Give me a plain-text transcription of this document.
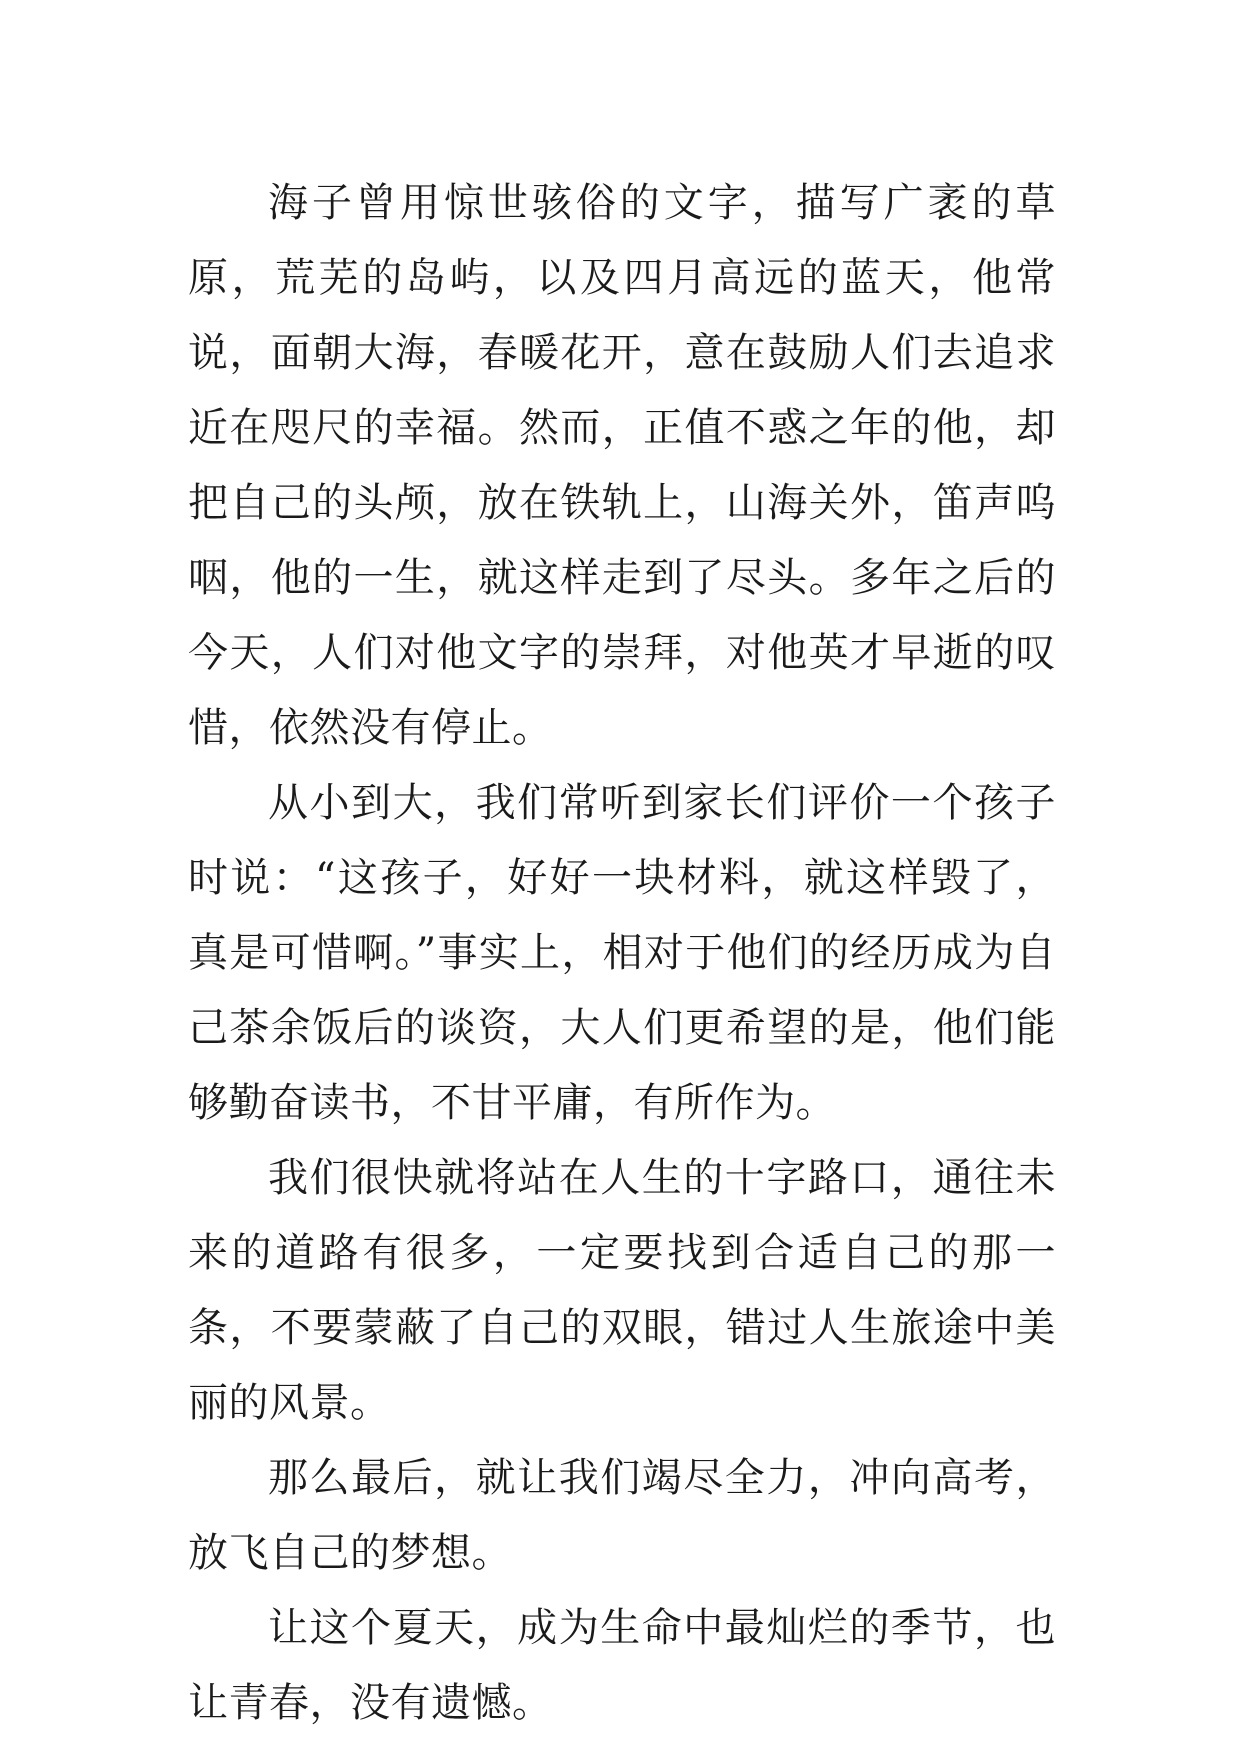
海子曾用惊世骇俗的文字，描写广袤的草原，荒芜的岛屿，以及四月高远的蓝天，他常说，面朝大海，春暖花开，意在鼓励人们去追求近在咫尺的幸福。然而，正值不惑之年的他，却把自己的头颅，放在铁轨上，山海关外，笛声呜咽，他的一生，就这样走到了尽头。多年之后的今天，人们对他文字的崇拜，对他英才早逝的叹惜，依然没有停止。

从小到大，我们常听到家长们评价一个孩子时说：“这孩子，好好一块材料，就这样毁了，真是可惜啊。”事实上，相对于他们的经历成为自己茶余饭后的谈资，大人们更希望的是，他们能够勤奋读书，不甘平庸，有所作为。

我们很快就将站在人生的十字路口，通往未来的道路有很多，一定要找到合适自己的那一条，不要蒙蔽了自己的双眼，错过人生旅途中美丽的风景。

那么最后，就让我们竭尽全力，冲向高考，放飞自己的梦想。

让这个夏天，成为生命中最灿烂的季节，也让青春，没有遗憾。
